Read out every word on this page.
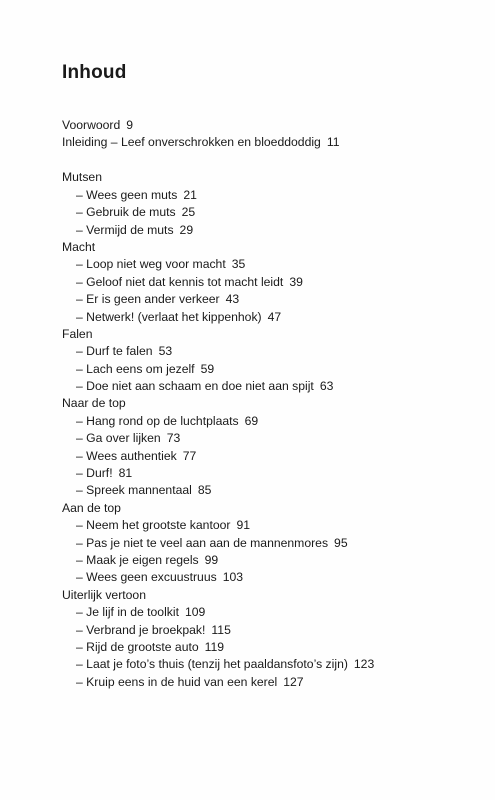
Inhoud
Voorwoord 9
Inleiding – Leef onverschrokken en bloeddoddig 11
Mutsen
– Wees geen muts 21
– Gebruik de muts 25
– Vermijd de muts 29
Macht
– Loop niet weg voor macht 35
– Geloof niet dat kennis tot macht leidt 39
– Er is geen ander verkeer 43
– Netwerk! (verlaat het kippenhok) 47
Falen
– Durf te falen 53
– Lach eens om jezelf 59
– Doe niet aan schaam en doe niet aan spijt 63
Naar de top
– Hang rond op de luchtplaats 69
– Ga over lijken 73
– Wees authentiek 77
– Durf! 81
– Spreek mannentaal 85
Aan de top
– Neem het grootste kantoor 91
– Pas je niet te veel aan aan de mannenmores 95
– Maak je eigen regels 99
– Wees geen excuustruus 103
Uiterlijk vertoon
– Je lijf in de toolkit 109
– Verbrand je broekpak! 115
– Rijd de grootste auto 119
– Laat je foto’s thuis (tenzij het paaldansfoto’s zijn) 123
– Kruip eens in de huid van een kerel 127
